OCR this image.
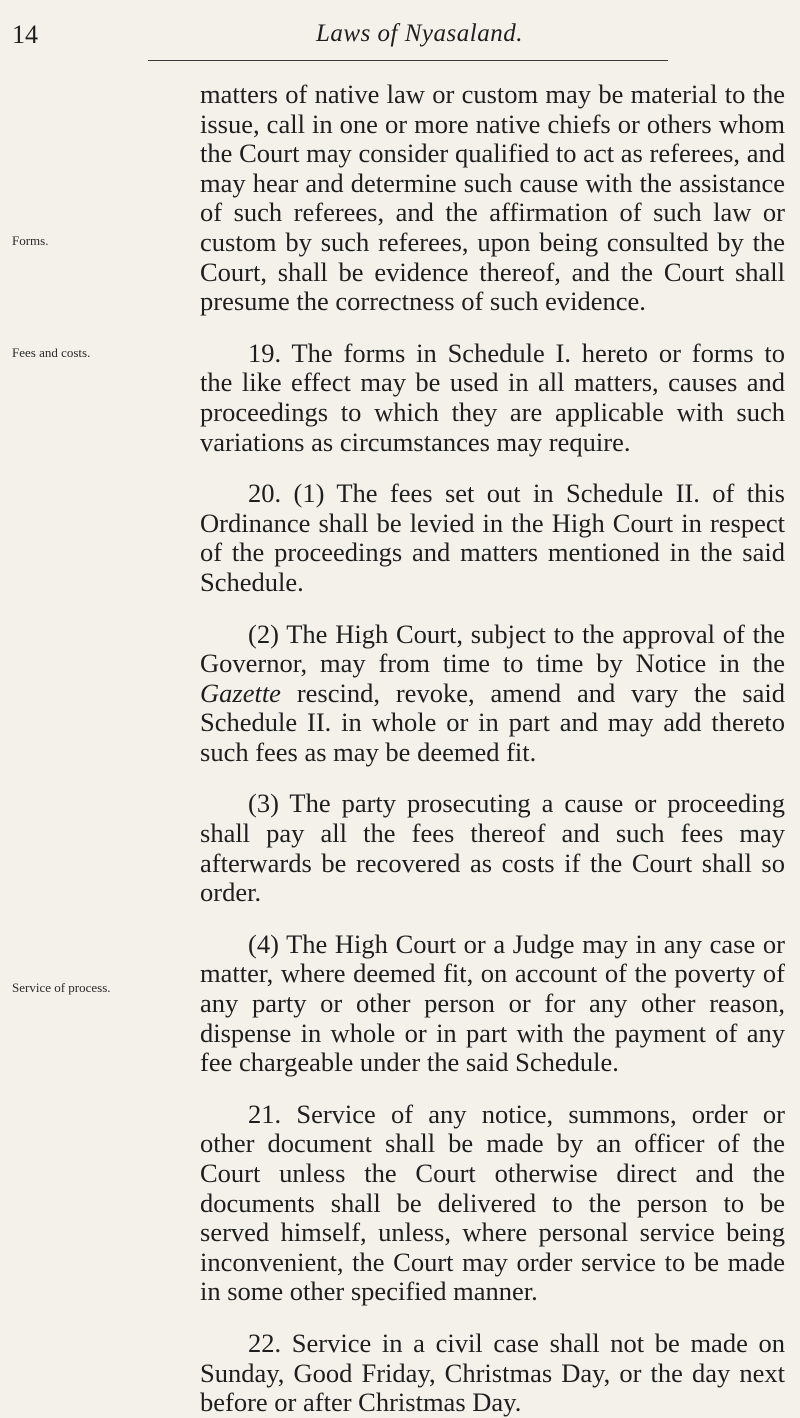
14	Laws of Nyasaland.
Forms.
Fees and costs.
Service of process.

matters of native law or custom may be material to the issue, call in one or more native chiefs or others whom the Court may consider qualified to act as referees, and may hear and determine such cause with the assistance of such referees, and the affirmation of such law or custom by such referees, upon being consulted by the Court, shall be evidence thereof, and the Court shall presume the correctness of such evidence.

19. The forms in Schedule I. hereto or forms to the like effect may be used in all matters, causes and proceedings to which they are applicable with such variations as circumstances may require.

20. (1) The fees set out in Schedule II. of this Ordinance shall be levied in the High Court in respect of the proceedings and matters mentioned in the said Schedule.

(2) The High Court, subject to the approval of the Governor, may from time to time by Notice in the Gazette rescind, revoke, amend and vary the said Schedule II. in whole or in part and may add thereto such fees as may be deemed fit.

(3) The party prosecuting a cause or proceeding shall pay all the fees thereof and such fees may afterwards be recovered as costs if the Court shall so order.

(4) The High Court or a Judge may in any case or matter, where deemed fit, on account of the poverty of any party or other person or for any other reason, dispense in whole or in part with the payment of any fee chargeable under the said Schedule.

21. Service of any notice, summons, order or other document shall be made by an officer of the Court unless the Court otherwise direct and the documents shall be delivered to the person to be served himself, unless, where personal service being inconvenient, the Court may order service to be made in some other specified manner.

22. Service in a civil case shall not be made on Sunday, Good Friday, Christmas Day, or the day next before or after Christmas Day.
